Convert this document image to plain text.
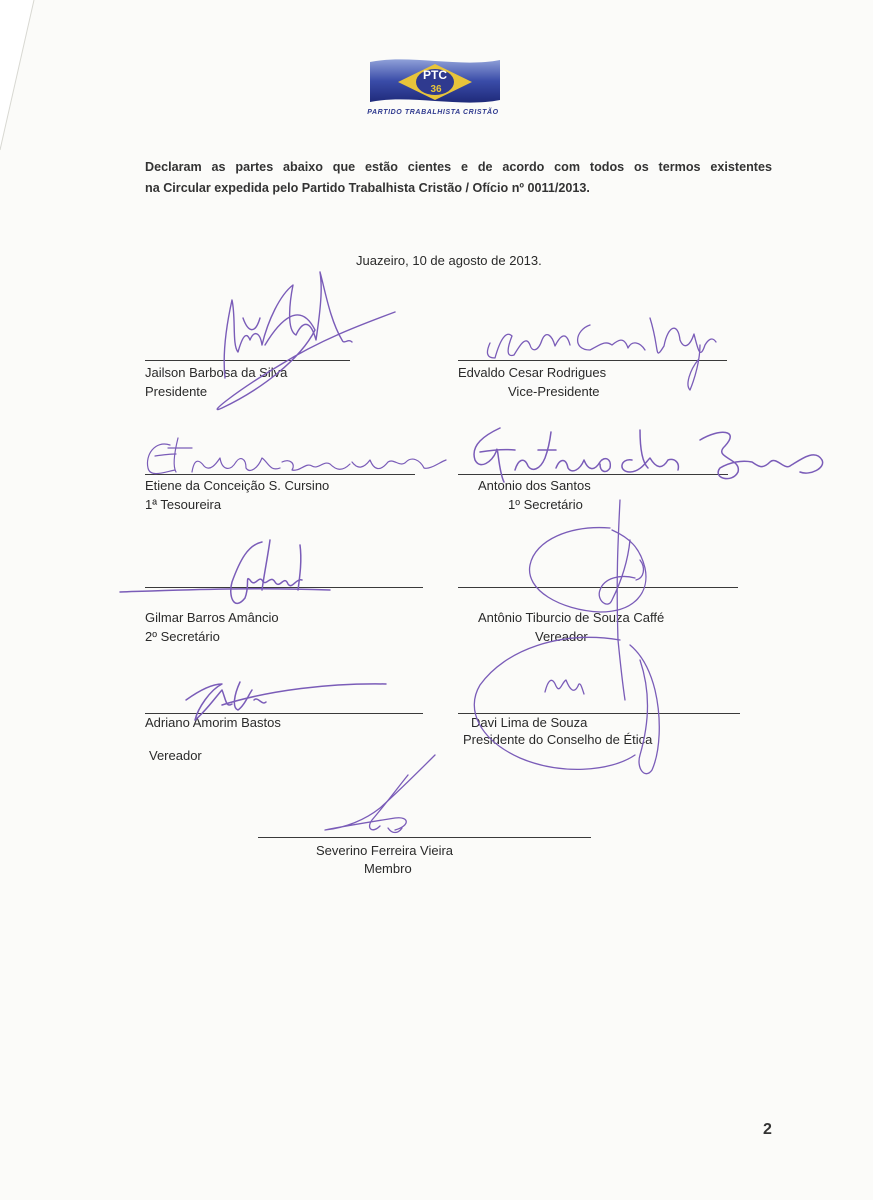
PTC
36
PARTIDO TRABALHISTA CRISTÃO
Declaram as partes abaixo que estão cientes e de acordo com todos os termos existentes
na Circular expedida pelo Partido Trabalhista Cristão / Ofício nº 0011/2013.
Juazeiro, 10 de agosto de 2013.
Jailson Barbosa da Silva
Presidente
Edvaldo Cesar Rodrigues
Vice-Presidente
Etiene da Conceição S. Cursino
1ª Tesoureira
Antonio dos Santos
1º Secretário
Gilmar Barros Amâncio
2º Secretário
Antônio Tiburcio de Souza Caffé
Vereador
Adriano Amorim Bastos
Vereador
Davi Lima de Souza
Presidente do Conselho de Ética
Severino Ferreira Vieira
Membro
2
